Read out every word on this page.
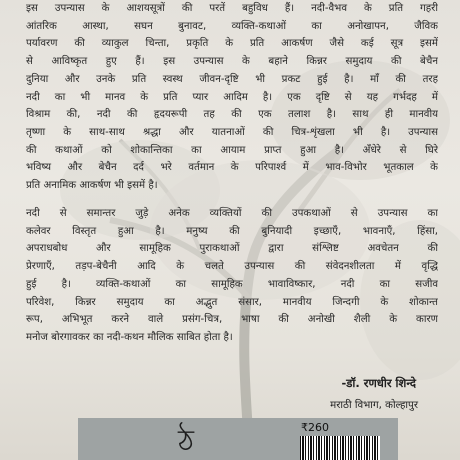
इस उपन्यास के आशयसूत्रों की परतें बहुविध हैं। नदी-वैभव के प्रति गहरी
आंतरिक आस्था, सघन बुनावट, व्यक्ति-कथाओं का अनोखापन, जैविक
पर्यावरण की व्याकुल चिन्ता, प्रकृति के प्रति आकर्षण जैसे कई सूत्र इसमें
से आविष्कृत हुए हैं। इस उपन्यास के बहाने किन्नर समुदाय की बेचैन
दुनिया और उनके प्रति स्वस्थ जीवन-दृष्टि भी प्रकट हुई है। माँ की तरह
नदी का भी मानव के प्रति प्यार आदिम है। एक दृष्टि से यह गर्भदह में
विश्राम की, नदी की हृदयरूपी तह की एक तलाश है। साथ ही मानवीय
तृष्णा के साथ-साथ श्रद्धा और यातनाओं की चित्र-शृंखला भी है। उपन्यास
की कथाओं को शोकान्तिका का आयाम प्राप्त हुआ है। अँधेरे से घिरे
भविष्य और बेचैन दर्द भरे वर्तमान के परिपार्श्व में भाव-विभोर भूतकाल के
प्रति अनामिक आकर्षण भी इसमें है।
नदी से समान्तर जुड़े अनेक व्यक्तियों की उपकथाओं से उपन्यास का
कलेवर विस्तृत हुआ है। मनुष्य की बुनियादी इच्छाएँ, भावनाएँ, हिंसा,
अपराधबोध और सामूहिक पुराकथाओं द्वारा संश्लिष्ट अवचेतन की
प्रेरणाएँ, तड़प-बेचैनी आदि के चलते उपन्यास की संवेदनशीलता में वृद्धि
हुई है। व्यक्ति-कथाओं का सामूहिक भावाविष्कार, नदी का सजीव
परिवेश, किन्नर समुदाय का अद्भुत संसार, मानवीय जिन्दगी के शोकान्त
रूप, अभिभूत करने वाले प्रसंग-चित्र, भाषा की अनोखी शैली के कारण
मनोज बोरगावकर का नदी-कथन मौलिक साबित होता है।
-डॉ. रणधीर शिन्दे
मराठी विभाग, कोल्हापुर
ঠ	₹260
